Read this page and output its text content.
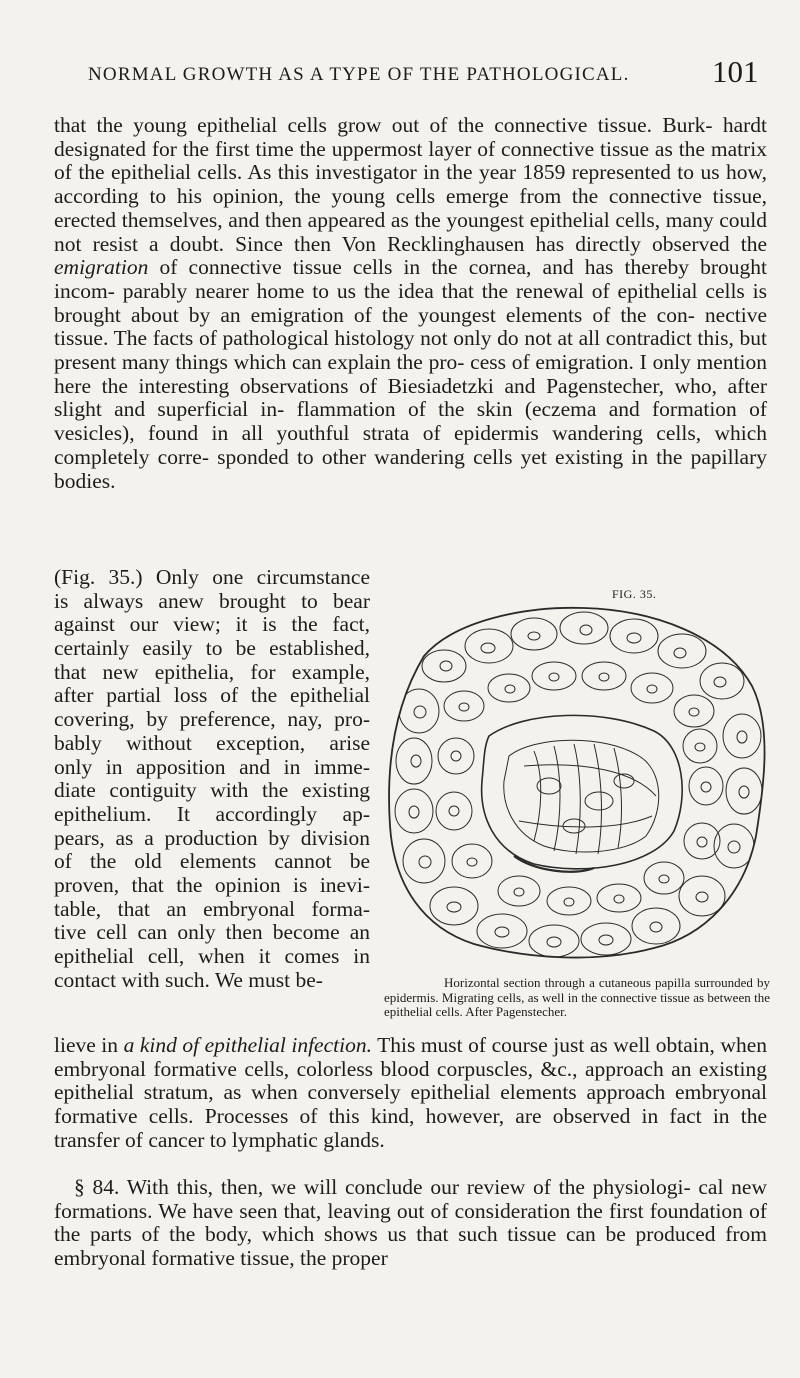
NORMAL GROWTH AS A TYPE OF THE PATHOLOGICAL.	101

that the young epithelial cells grow out of the connective tissue. Burk- hardt designated for the first time the uppermost layer of connective tissue as the matrix of the epithelial cells. As this investigator in the year 1859 represented to us how, according to his opinion, the young cells emerge from the connective tissue, erected themselves, and then appeared as the youngest epithelial cells, many could not resist a doubt. Since then Von Recklinghausen has directly observed the emigration of connective tissue cells in the cornea, and has thereby brought incom- parably nearer home to us the idea that the renewal of epithelial cells is brought about by an emigration of the youngest elements of the con- nective tissue. The facts of pathological histology not only do not at all contradict this, but present many things which can explain the pro- cess of emigration. I only mention here the interesting observations of Biesiadetzki and Pagenstecher, who, after slight and superficial in- flammation of the skin (eczema and formation of vesicles), found in all youthful strata of epidermis wandering cells, which completely corre- sponded to other wandering cells yet existing in the papillary bodies.

(Fig. 35.) Only one circumstance
is always anew brought to bear
against our view; it is the fact,
certainly easily to be established,
that new epithelia, for example,
after partial loss of the epithelial
covering, by preference, nay, pro-
bably without exception, arise
only in apposition and in imme-
diate contiguity with the existing
epithelium. It accordingly ap-
pears, as a production by division
of the old elements cannot be
proven, that the opinion is inevi-
table, that an embryonal forma-
tive cell can only then become an
epithelial cell, when it comes in
contact with such. We must be-
FIG. 35.

Horizontal section through a cutaneous papilla surrounded by epidermis. Migrating cells, as well in the connective tissue as between the epithelial cells. After Pagenstecher.

lieve in a kind of epithelial infection. This must of course just as well obtain, when embryonal formative cells, colorless blood corpuscles, &c., approach an existing epithelial stratum, as when conversely epithelial elements approach embryonal formative cells. Processes of this kind, however, are observed in fact in the transfer of cancer to lymphatic glands.

§ 84. With this, then, we will conclude our review of the physiologi- cal new formations. We have seen that, leaving out of consideration the first foundation of the parts of the body, which shows us that such tissue can be produced from embryonal formative tissue, the proper
